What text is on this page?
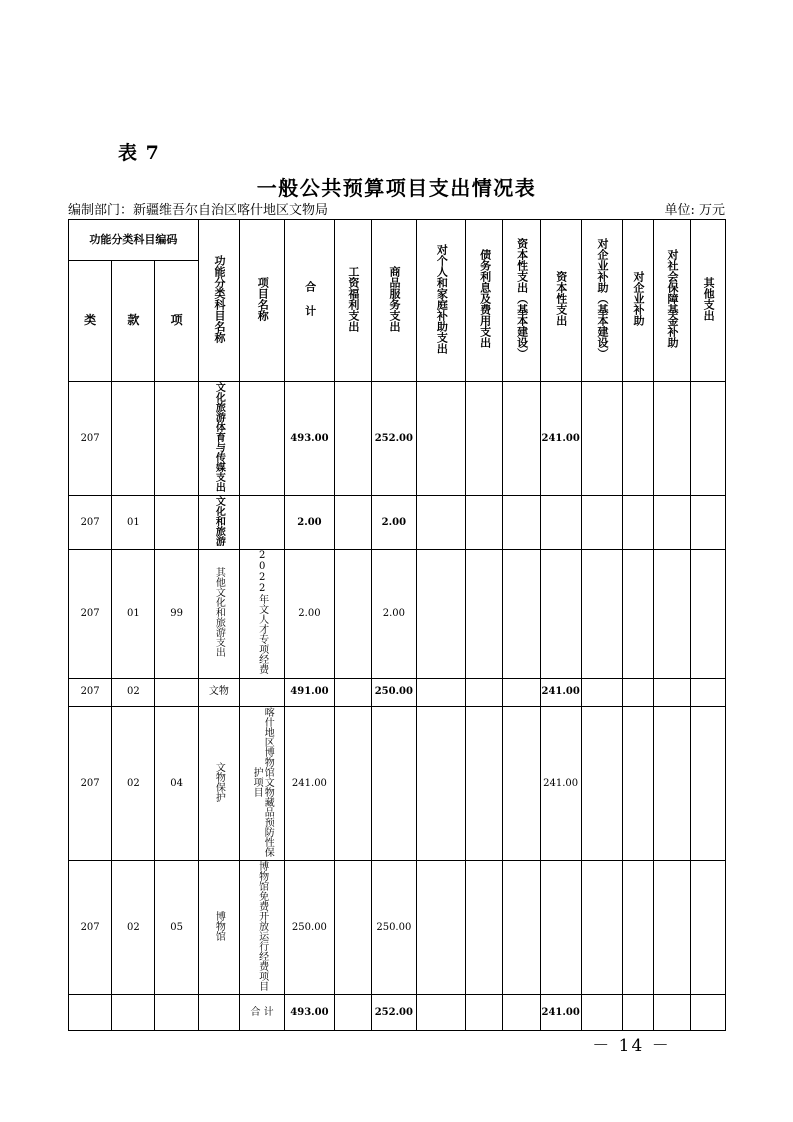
表 7
一般公共预算项目支出情况表
编制部门：新疆维吾尔自治区喀什地区文物局	单位: 万元
功能分类科目编码			功能分类科目名称	项目名称	合 计	工资福利支出	商品服务支出	对个人和家庭补助支出	债务利息及费用支出	资本性支出（基本建设）	资本性支出	对企业补助（基本建设）	对企业补助	对社会保障基金补助	其他支出
类	款	项													
207			文化旅游体育与传媒支出		493.00		252.00				241.00				
207	01		文化和旅游		2.00		2.00								
207	01	99	其他文化和旅游支出	2022年文人才专项经费	2.00		2.00								
207	02		文物		491.00		250.00				241.00				
207	02	04	文物保护	喀什地区博物馆文物藏品预防性保护项目	241.00						241.00				
207	02	05	博物馆	博物馆免费开放运行经费项目	250.00		250.00								
				合 计	493.00		252.00				241.00				
－ 14 －
